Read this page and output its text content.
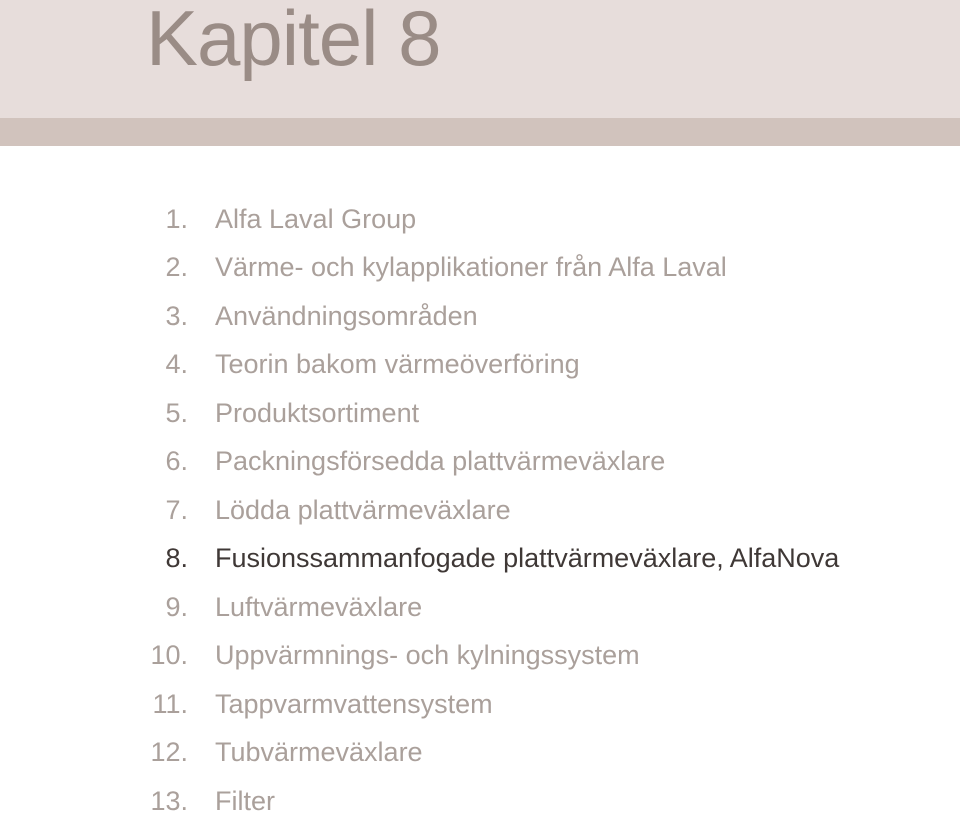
Kapitel 8
1. Alfa Laval Group
2. Värme- och kylapplikationer från Alfa Laval
3. Användningsområden
4. Teorin bakom värmeöverföring
5. Produktsortiment
6. Packningsförsedda plattvärmeväxlare
7. Lödda plattvärmeväxlare
8. Fusionssammanfogade plattvärmeväxlare, AlfaNova
9. Luftvärmeväxlare
10. Uppvärmnings- och kylningssystem
11. Tappvarmvattensystem
12. Tubvärmeväxlare
13. Filter
